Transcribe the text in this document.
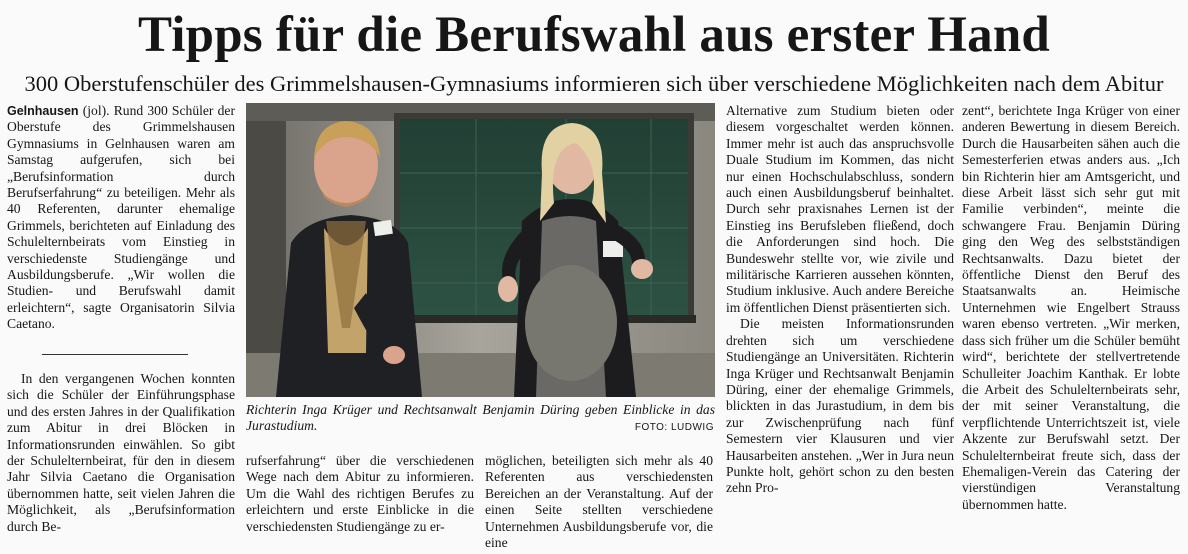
Tipps für die Berufswahl aus erster Hand
300 Oberstufenschüler des Grimmelshausen-Gymnasiums informieren sich über verschiedene Möglichkeiten nach dem Abitur

Gelnhausen (jol). Rund 300 Schüler der Oberstufe des Grimmelshausen Gymnasiums in Gelnhausen waren am Samstag aufgerufen, sich bei „Berufsinformation durch Berufserfahrung“ zu beteiligen. Mehr als 40 Referenten, darunter ehemalige Grimmels, berichteten auf Einladung des Schulelternbeirats vom Einstieg in verschiedenste Studiengänge und Ausbildungsberufe. „Wir wollen die Studien- und Berufswahl damit erleichtern“, sagte Organisatorin Silvia Caetano.

In den vergangenen Wochen konnten sich die Schüler der Einführungsphase und des ersten Jahres in der Qualifikation zum Abitur in drei Blöcken in Informationsrunden einwählen. So gibt der Schulelternbeirat, für den in diesem Jahr Silvia Caetano die Organisation übernommen hatte, seit vielen Jahren die Möglichkeit, als „Berufsinformation durch Be-

Richterin Inga Krüger und Rechtsanwalt Benjamin Düring geben Einblicke in das Jurastudium.	FOTO: LUDWIG

rufserfahrung“ über die verschiedenen Wege nach dem Abitur zu informieren. Um die Wahl des richtigen Berufes zu erleichtern und erste Einblicke in die verschiedensten Studiengänge zu er-

möglichen, beteiligten sich mehr als 40 Referenten aus verschiedensten Bereichen an der Veranstaltung. Auf der einen Seite stellten verschiedene Unternehmen Ausbildungsberufe vor, die eine

Alternative zum Studium bieten oder diesem vorgeschaltet werden können. Immer mehr ist auch das anspruchsvolle Duale Studium im Kommen, das nicht nur einen Hochschulabschluss, sondern auch einen Ausbildungsberuf beinhaltet. Durch sehr praxisnahes Lernen ist der Einstieg ins Berufsleben fließend, doch die Anforderungen sind hoch. Die Bundeswehr stellte vor, wie zivile und militärische Karrieren aussehen könnten, Studium inklusive. Auch andere Bereiche im öffentlichen Dienst präsentierten sich.

Die meisten Informationsrunden drehten sich um verschiedene Studiengänge an Universitäten. Richterin Inga Krüger und Rechtsanwalt Benjamin Düring, einer der ehemalige Grimmels, blickten in das Jurastudium, in dem bis zur Zwischenprüfung nach fünf Semestern vier Klausuren und vier Hausarbeiten anstehen. „Wer in Jura neun Punkte holt, gehört schon zu den besten zehn Pro-

zent“, berichtete Inga Krüger von einer anderen Bewertung in diesem Bereich. Durch die Hausarbeiten sähen auch die Semesterferien etwas anders aus. „Ich bin Richterin hier am Amtsgericht, und diese Arbeit lässt sich sehr gut mit Familie verbinden“, meinte die schwangere Frau. Benjamin Düring ging den Weg des selbstständigen Rechtsanwalts. Dazu bietet der öffentliche Dienst den Beruf des Staatsanwalts an. Heimische Unternehmen wie Engelbert Strauss waren ebenso vertreten. „Wir merken, dass sich früher um die Schüler bemüht wird“, berichtete der stellvertretende Schulleiter Joachim Kanthak. Er lobte die Arbeit des Schulelternbeirats sehr, der mit seiner Veranstaltung, die verpflichtende Unterrichtszeit ist, viele Akzente zur Berufswahl setzt. Der Schulelternbeirat freute sich, dass der Ehemaligen-Verein das Catering der vierstündigen Veranstaltung übernommen hatte.
